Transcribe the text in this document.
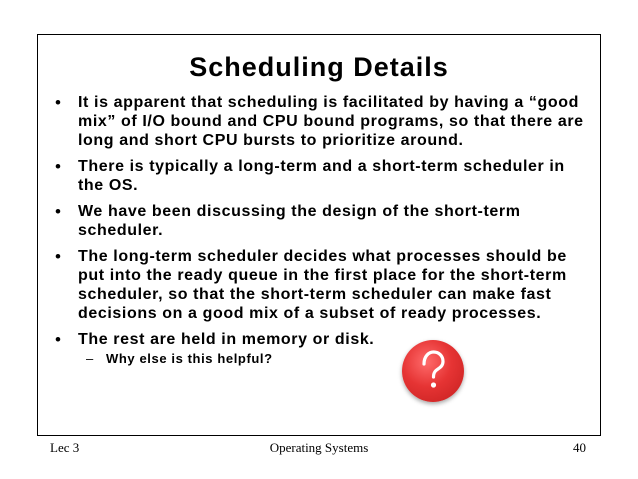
Scheduling Details
• It is apparent that scheduling is facilitated by having a “good mix” of I/O bound and CPU bound programs, so that there are long and short CPU bursts to prioritize around.
• There is typically a long-term and a short-term scheduler in the OS.
• We have been discussing the design of the short-term scheduler.
• The long-term scheduler decides what processes should be put into the ready queue in the first place for the short-term scheduler, so that the short-term scheduler can make fast decisions on a good mix of a subset of ready processes.
• The rest are held in memory or disk.
– Why else is this helpful?
Lec 3	Operating Systems	40
